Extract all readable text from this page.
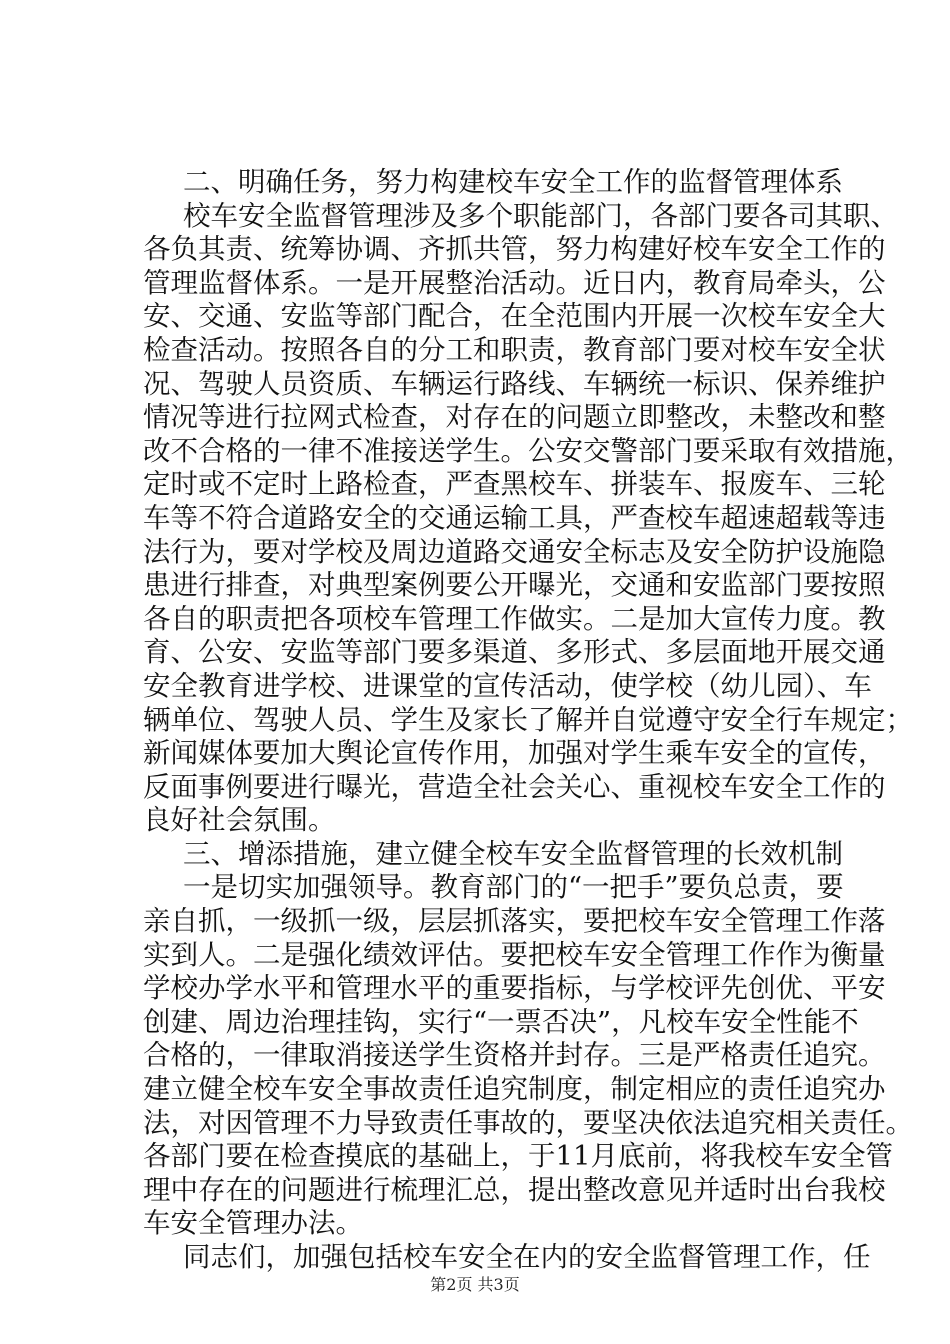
二、明确任务，努力构建校车安全工作的监督管理体系
校车安全监督管理涉及多个职能部门，各部门要各司其职、
各负其责、统筹协调、齐抓共管，努力构建好校车安全工作的
管理监督体系。一是开展整治活动。近日内，教育局牵头，公
安、交通、安监等部门配合，在全范围内开展一次校车安全大
检查活动。按照各自的分工和职责，教育部门要对校车安全状
况、驾驶人员资质、车辆运行路线、车辆统一标识、保养维护
情况等进行拉网式检查，对存在的问题立即整改，未整改和整
改不合格的一律不准接送学生。公安交警部门要采取有效措施，
定时或不定时上路检查，严查黑校车、拼装车、报废车、三轮
车等不符合道路安全的交通运输工具，严查校车超速超载等违
法行为，要对学校及周边道路交通安全标志及安全防护设施隐
患进行排查，对典型案例要公开曝光，交通和安监部门要按照
各自的职责把各项校车管理工作做实。二是加大宣传力度。教
育、公安、安监等部门要多渠道、多形式、多层面地开展交通
安全教育进学校、进课堂的宣传活动，使学校（幼儿园）、车
辆单位、驾驶人员、学生及家长了解并自觉遵守安全行车规定；
新闻媒体要加大舆论宣传作用，加强对学生乘车安全的宣传，
反面事例要进行曝光，营造全社会关心、重视校车安全工作的
良好社会氛围。
三、增添措施，建立健全校车安全监督管理的长效机制
一是切实加强领导。教育部门的“一把手”要负总责，要
亲自抓，一级抓一级，层层抓落实，要把校车安全管理工作落
实到人。二是强化绩效评估。要把校车安全管理工作作为衡量
学校办学水平和管理水平的重要指标，与学校评先创优、平安
创建、周边治理挂钩，实行“一票否决”，凡校车安全性能不
合格的，一律取消接送学生资格并封存。三是严格责任追究。
建立健全校车安全事故责任追究制度，制定相应的责任追究办
法，对因管理不力导致责任事故的，要坚决依法追究相关责任。
各部门要在检查摸底的基础上，于11月底前，将我校车安全管
理中存在的问题进行梳理汇总，提出整改意见并适时出台我校
车安全管理办法。
同志们，加强包括校车安全在内的安全监督管理工作，任
第2页 共3页
